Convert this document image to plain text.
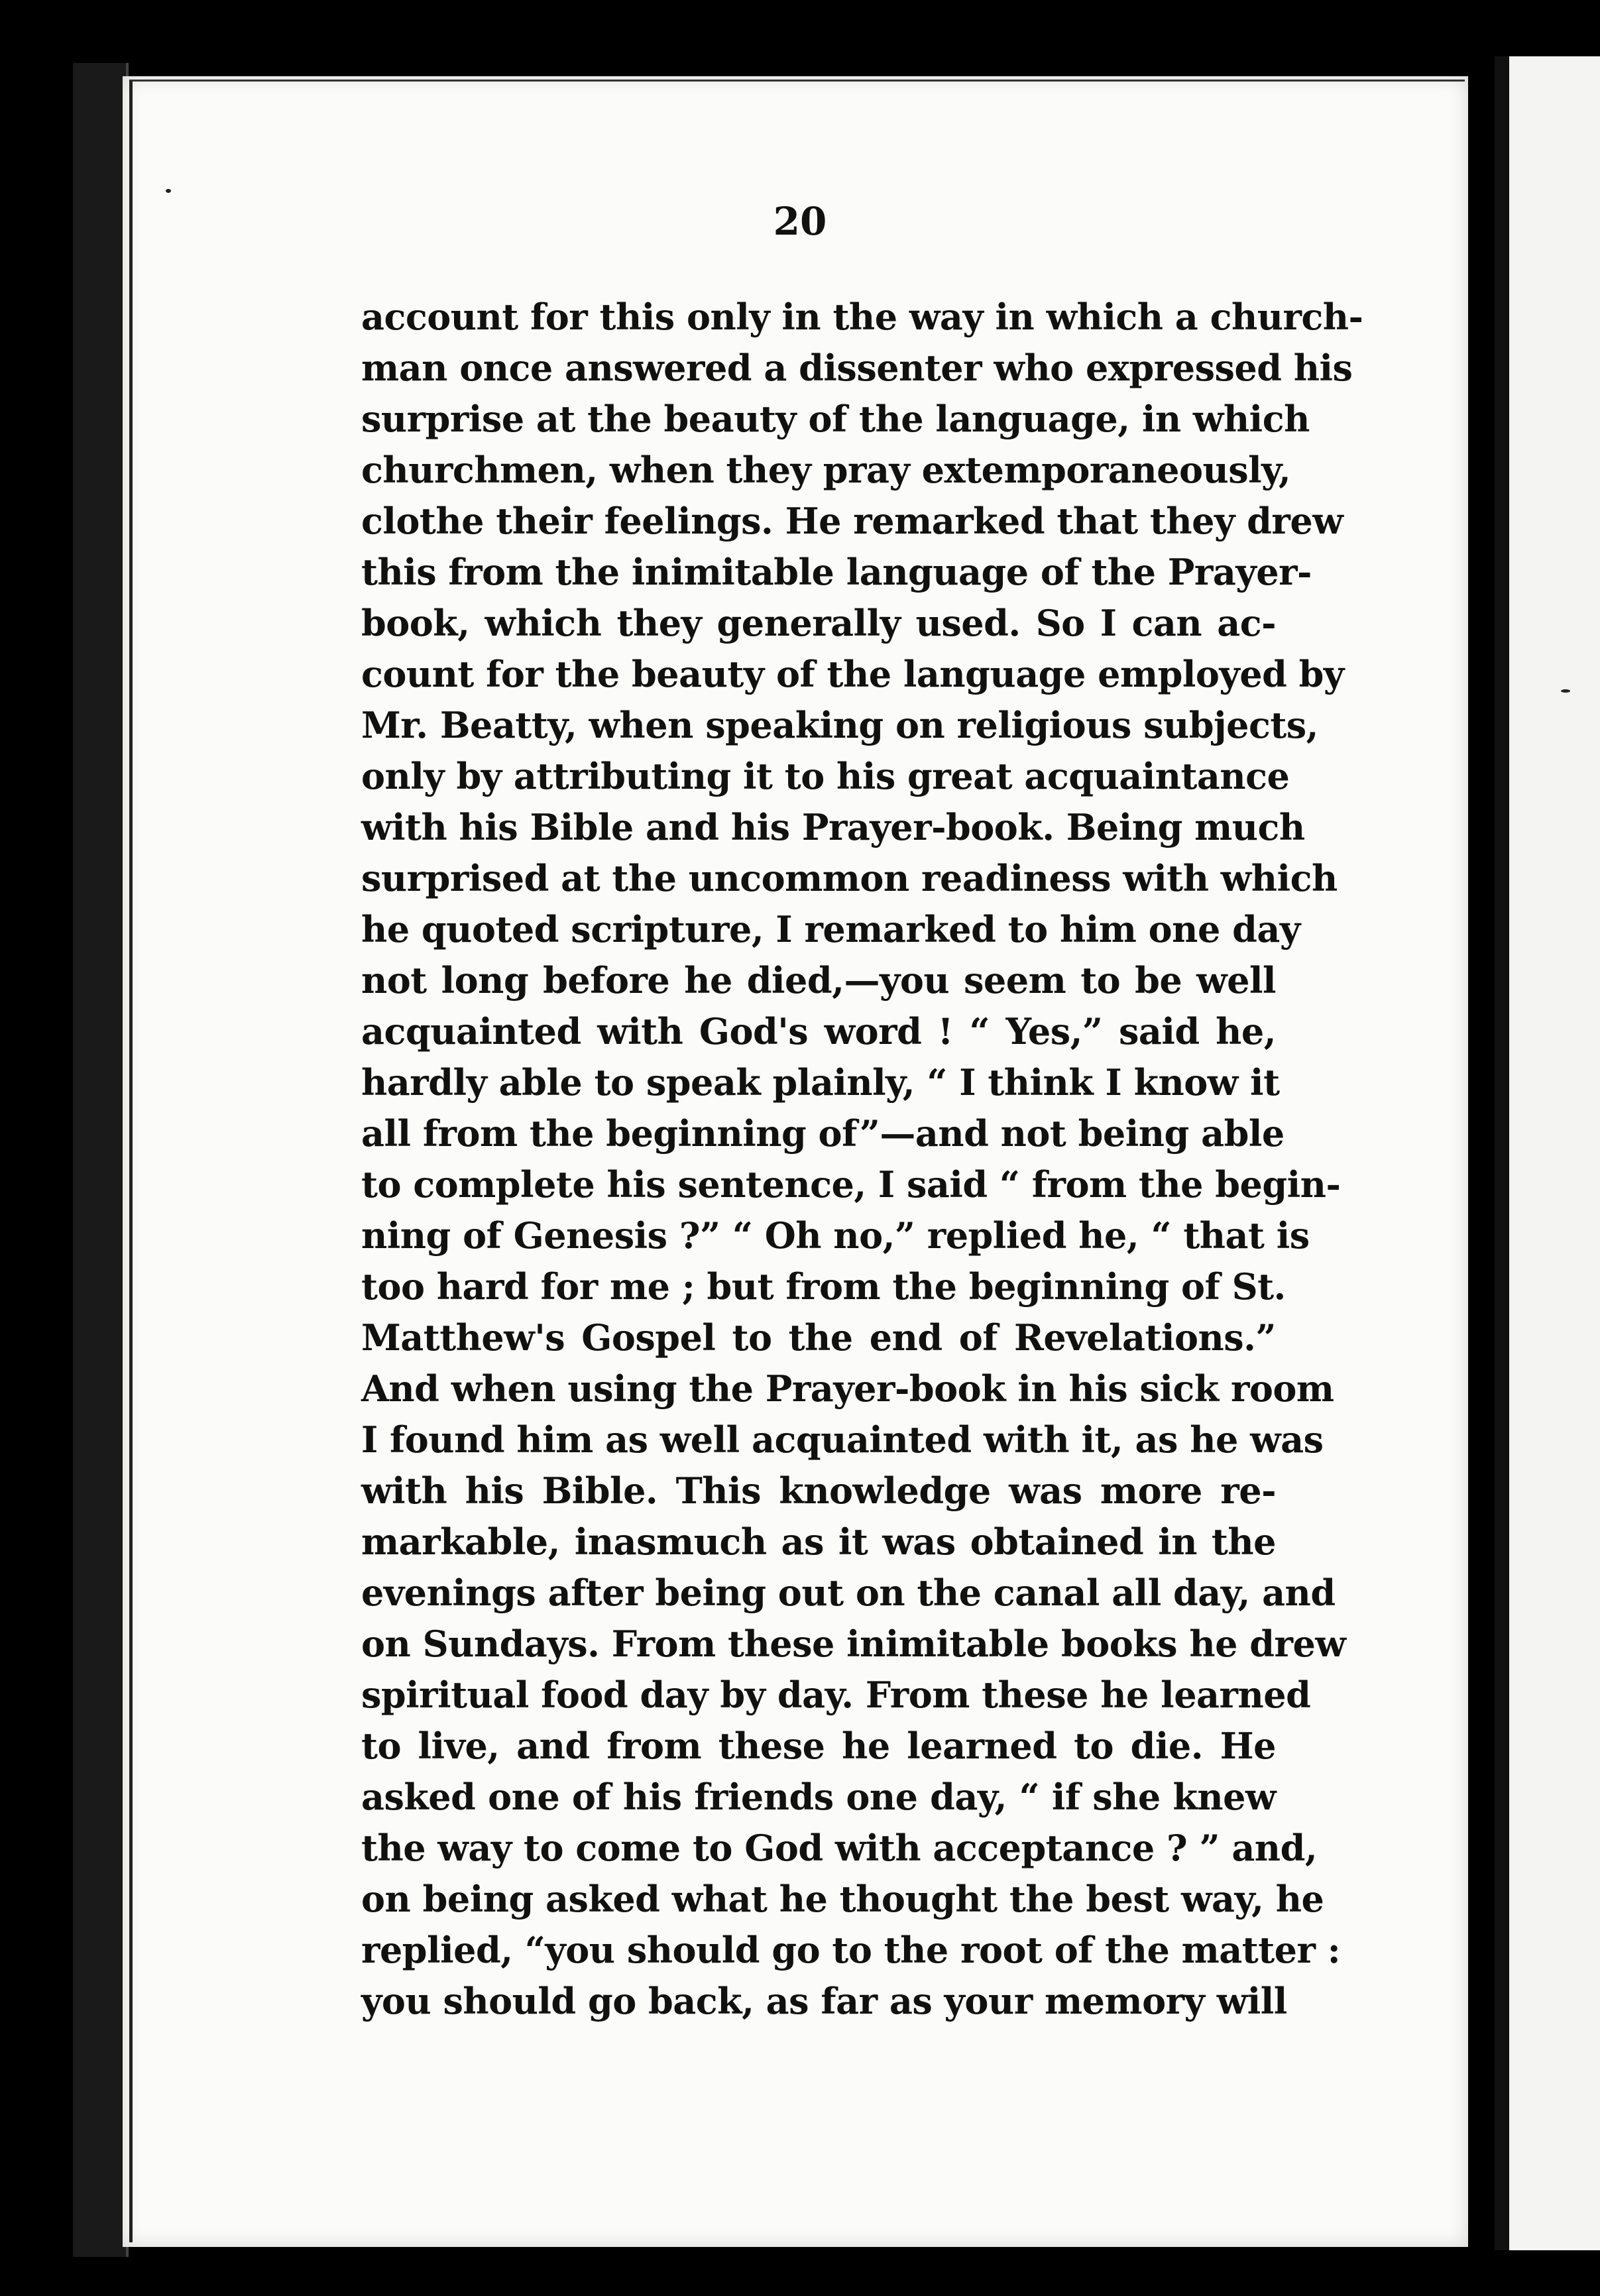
20
account for this only in the way in which a church-
man once answered a dissenter who expressed his
surprise at the beauty of the language, in which
churchmen, when they pray extemporaneously,
clothe their feelings. He remarked that they drew
this from the inimitable language of the Prayer-
book, which they generally used. So I can ac-
count for the beauty of the language employed by
Mr. Beatty, when speaking on religious subjects,
only by attributing it to his great acquaintance
with his Bible and his Prayer-book. Being much
surprised at the uncommon readiness with which
he quoted scripture, I remarked to him one day
not long before he died,—you seem to be well
acquainted with God's word ! “ Yes,” said he,
hardly able to speak plainly, “ I think I know it
all from the beginning of”—and not being able
to complete his sentence, I said “ from the begin-
ning of Genesis ?” “ Oh no,” replied he, “ that is
too hard for me ; but from the beginning of St.
Matthew's Gospel to the end of Revelations.”
And when using the Prayer-book in his sick room
I found him as well acquainted with it, as he was
with his Bible. This knowledge was more re-
markable, inasmuch as it was obtained in the
evenings after being out on the canal all day, and
on Sundays. From these inimitable books he drew
spiritual food day by day. From these he learned
to live, and from these he learned to die. He
asked one of his friends one day, “ if she knew
the way to come to God with acceptance ? ” and,
on being asked what he thought the best way, he
replied, “you should go to the root of the matter :
you should go back, as far as your memory will
